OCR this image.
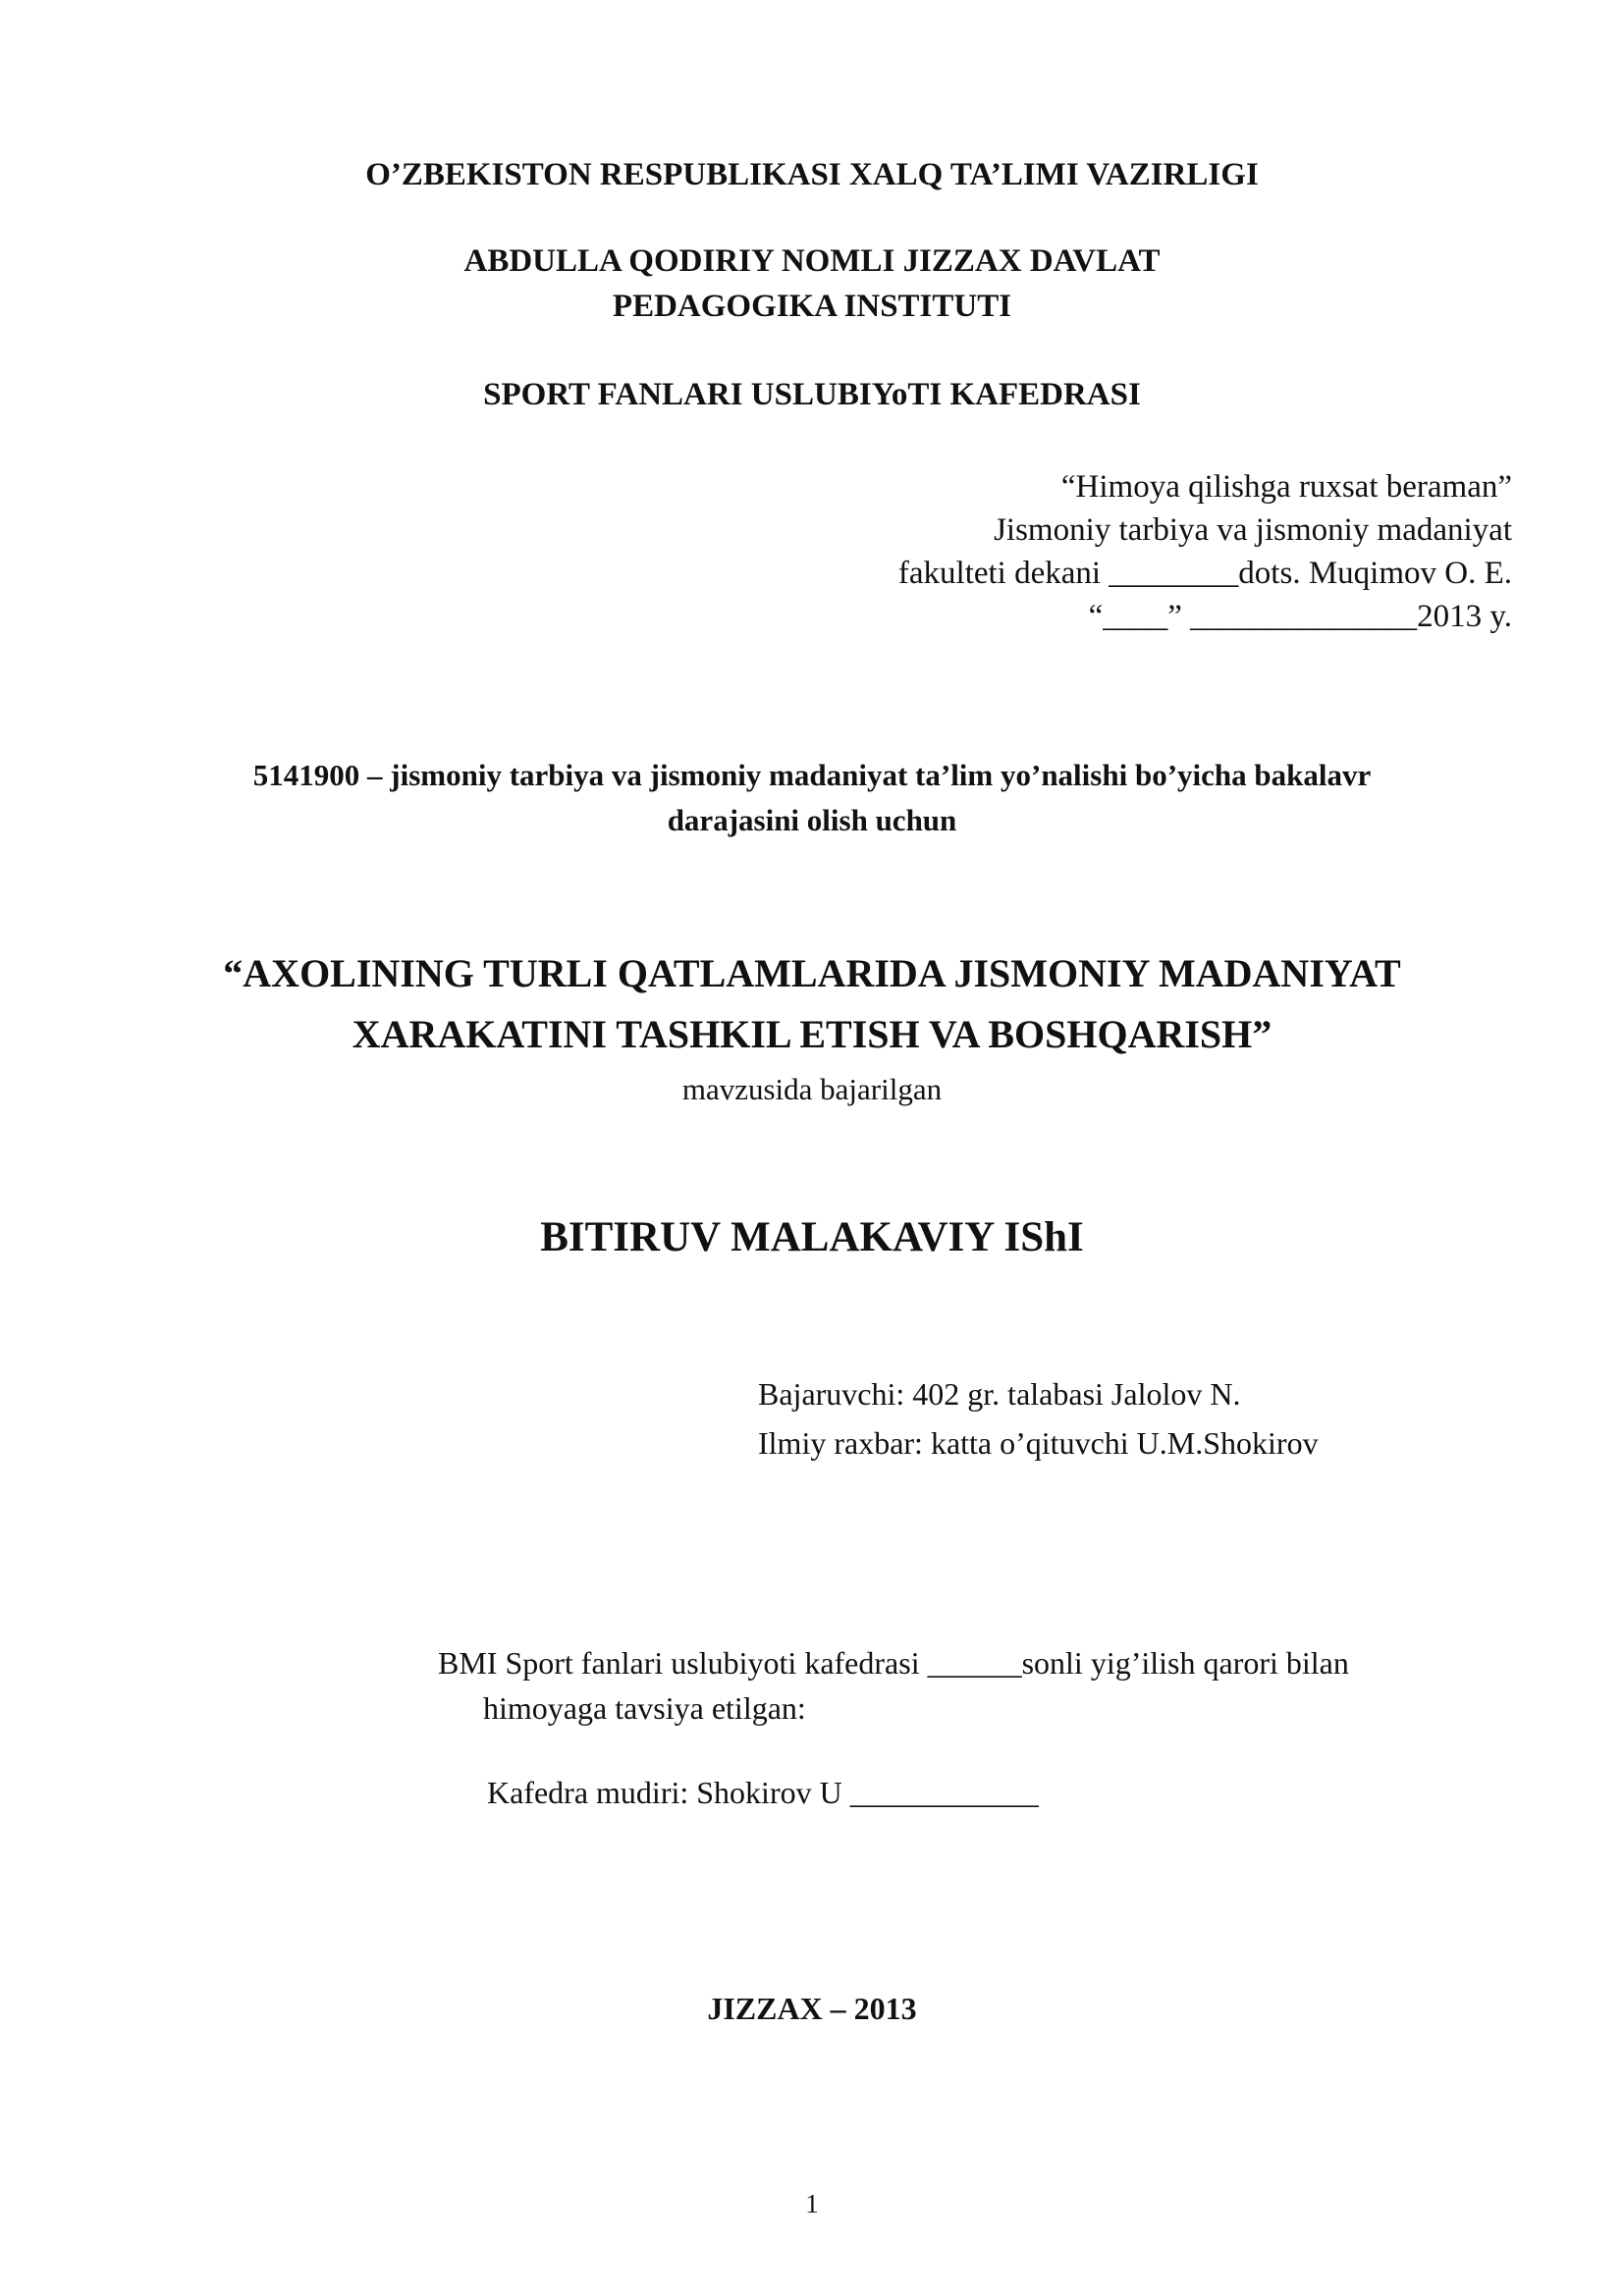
O’ZBEKISTON RESPUBLIKASI XALQ TA’LIMI VAZIRLIGI
ABDULLA QODIRIY NOMLI JIZZAX DAVLAT
PEDAGOGIKA INSTITUTI
SPORT FANLARI USLUBIYoTI KAFEDRASI
“Himoya qilishga ruxsat beraman”
Jismoniy tarbiya va jismoniy madaniyat
fakulteti dekani ________dots. Muqimov O. E.
“____” ______________2013 y.
5141900 – jismoniy tarbiya va jismoniy madaniyat ta’lim yo’nalishi bo’yicha bakalavr
darajasini olish uchun
“AXOLINING TURLI QATLAMLARIDA JISMONIY MADANIYAT
XARAKATINI TASHKIL ETISH VA BOSHQARISH”
mavzusida bajarilgan
BITIRUV MALAKAVIY IShI
Bajaruvchi: 402 gr. talabasi Jalolov N.
Ilmiy raxbar: katta o’qituvchi U.M.Shokirov
BMI Sport fanlari uslubiyoti kafedrasi ______sonli yig’ilish qarori bilan
himoyaga tavsiya etilgan:
Kafedra mudiri: Shokirov U ____________
JIZZAX – 2013
1
